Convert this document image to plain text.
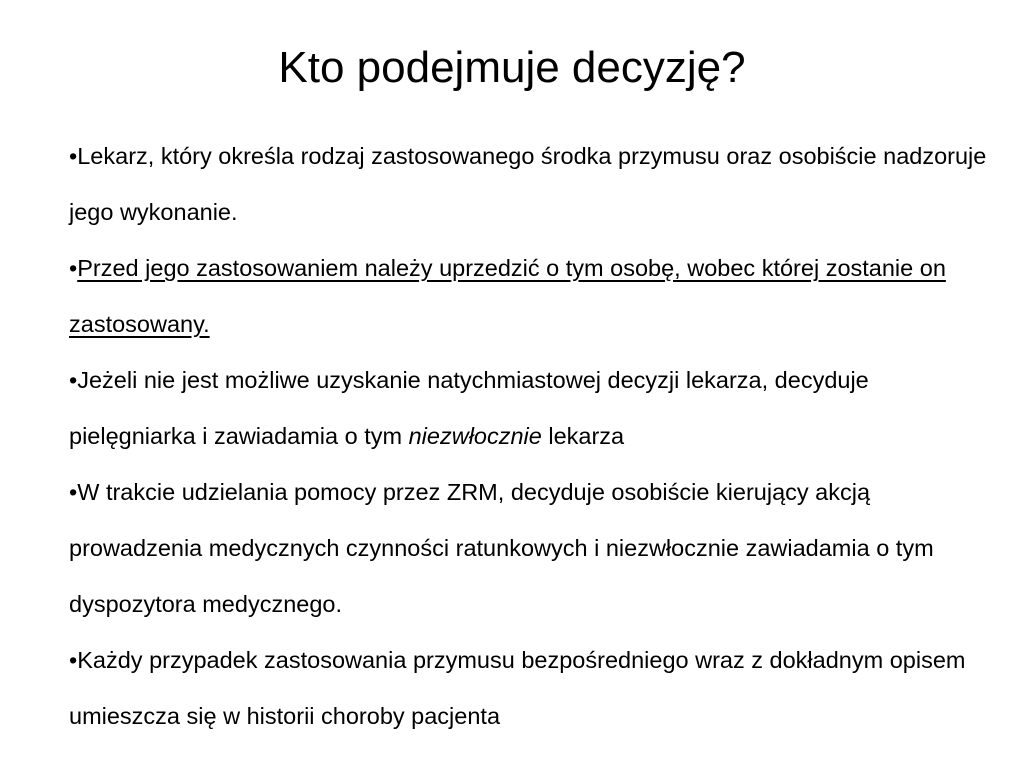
Kto podejmuje decyzję?

•Lekarz, który określa rodzaj zastosowanego środka przymusu oraz osobiście nadzoruje jego wykonanie.

•Przed jego zastosowaniem należy uprzedzić o tym osobę, wobec której zostanie on zastosowany.

•Jeżeli nie jest możliwe uzyskanie natychmiastowej decyzji lekarza, decyduje pielęgniarka i zawiadamia o tym niezwłocznie lekarza

•W trakcie udzielania pomocy przez ZRM, decyduje osobiście kierujący akcją prowadzenia medycznych czynności ratunkowych i niezwłocznie zawiadamia o tym dyspozytora medycznego.

•Każdy przypadek zastosowania przymusu bezpośredniego wraz z dokładnym opisem umieszcza się w historii choroby pacjenta
